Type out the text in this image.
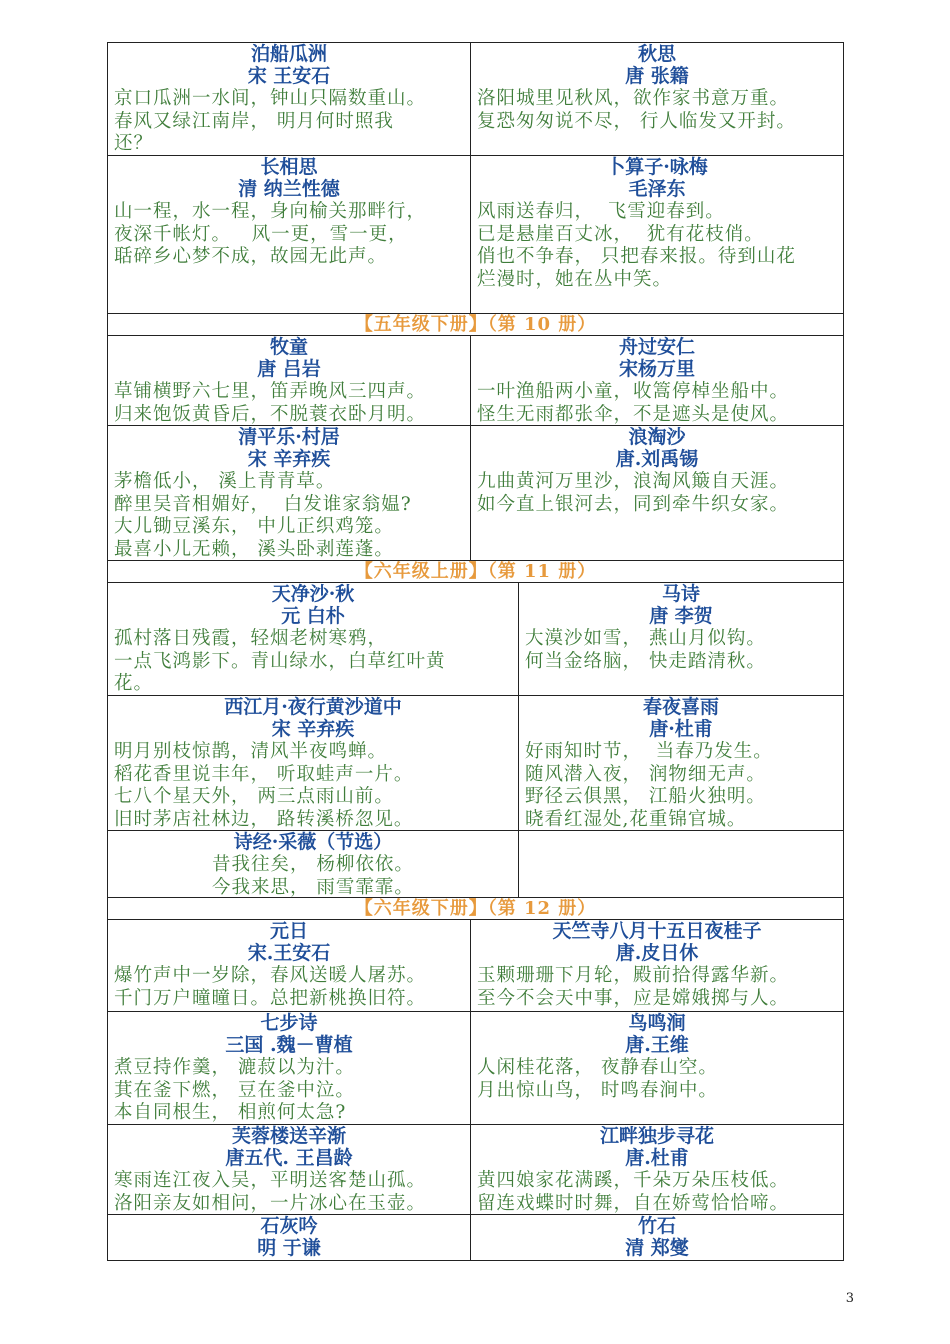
泊船瓜洲
宋 王安石
京口瓜洲一水间，钟山只隔数重山。
春风又绿江南岸， 明月何时照我
还？
秋思
唐 张籍
洛阳城里见秋风，欲作家书意万重。
复恐匆匆说不尽， 行人临发又开封。
长相思
清 纳兰性德
山一程，水一程，身向榆关那畔行，
夜深千帐灯。   风一更，雪一更，
聒碎乡心梦不成，故园无此声。
卜算子·咏梅
毛泽东
风雨送春归，  飞雪迎春到。
已是悬崖百丈冰，  犹有花枝俏。
俏也不争春， 只把春来报。待到山花
烂漫时，她在丛中笑。
【五年级下册】（第 10 册）
牧童
唐 吕岩
草铺横野六七里，笛弄晚风三四声。
归来饱饭黄昏后，不脱蓑衣卧月明。
舟过安仁
宋杨万里
一叶渔船两小童，收篙停棹坐船中。
怪生无雨都张伞，不是遮头是使风。
清平乐·村居
宋 辛弃疾
茅檐低小， 溪上青青草。
醉里吴音相媚好，  白发谁家翁媪?
大儿锄豆溪东， 中儿正织鸡笼。
最喜小儿无赖， 溪头卧剥莲蓬。
浪淘沙
唐.刘禹锡
九曲黄河万里沙，浪淘风簸自天涯。
如今直上银河去，同到牵牛织女家。
【六年级上册】（第 11 册）
天净沙·秋
元 白朴
孤村落日残霞，轻烟老树寒鸦，
一点飞鸿影下。青山绿水，白草红叶黄
花。
马诗
唐 李贺
大漠沙如雪， 燕山月似钩。
何当金络脑， 快走踏清秋。
西江月·夜行黄沙道中
宋 辛弃疾
明月别枝惊鹊，清风半夜鸣蝉。
稻花香里说丰年， 听取蛙声一片。
七八个星天外， 两三点雨山前。
旧时茅店社林边， 路转溪桥忽见。
春夜喜雨
唐·杜甫
好雨知时节，  当春乃发生。
随风潜入夜， 润物细无声。
野径云俱黑， 江船火独明。
晓看红湿处,花重锦官城。
诗经·采薇（节选）
昔我往矣， 杨柳依依。
今我来思， 雨雪霏霏。
【六年级下册】（第 12 册）
元日
宋.王安石
爆竹声中一岁除，春风送暖人屠苏。
千门万户曈曈日。总把新桃换旧符。
天竺寺八月十五日夜桂子
唐.皮日休
玉颗珊珊下月轮，殿前拾得露华新。
至今不会天中事，应是嫦娥掷与人。
七步诗
三国 .魏－曹植
煮豆持作羹， 漉菽以为汁。
萁在釜下燃， 豆在釜中泣。
本自同根生， 相煎何太急?
鸟鸣涧
唐.王维
人闲桂花落， 夜静春山空。
月出惊山鸟， 时鸣春涧中。
芙蓉楼送辛渐
唐五代. 王昌龄
寒雨连江夜入吴，平明送客楚山孤。
洛阳亲友如相问，一片冰心在玉壶。
江畔独步寻花
唐.杜甫
黄四娘家花满蹊，千朵万朵压枝低。
留连戏蝶时时舞，自在娇莺恰恰啼。
石灰吟
明 于谦
竹石
清 郑燮
3
